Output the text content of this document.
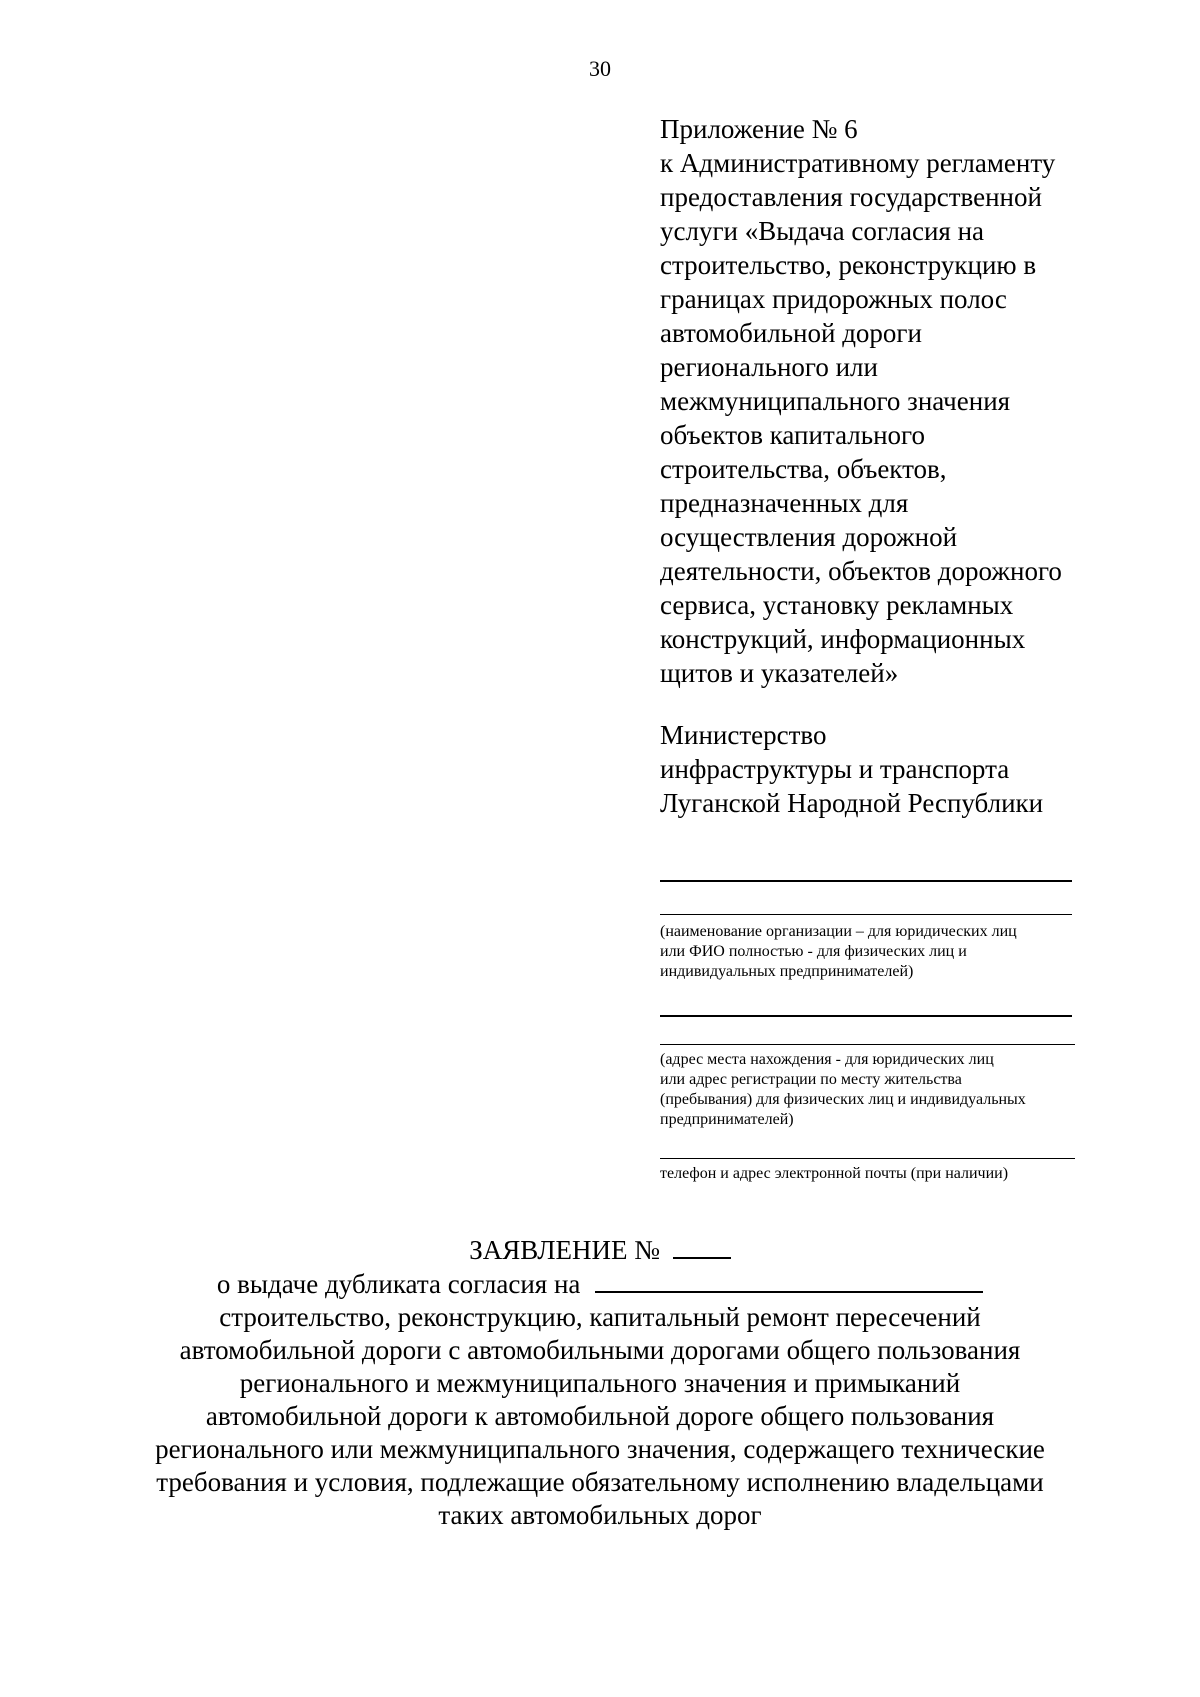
30
Приложение № 6
к Административному регламенту
предоставления государственной
услуги «Выдача согласия на
строительство, реконструкцию в
границах придорожных полос
автомобильной дороги
регионального или
межмуниципального значения
объектов капитального
строительства, объектов,
предназначенных для
осуществления дорожной
деятельности, объектов дорожного
сервиса, установку рекламных
конструкций, информационных
щитов и указателей»
Министерство
инфраструктуры и транспорта
Луганской Народной Республики
(наименование организации – для юридических лиц
или ФИО полностью - для физических лиц и
индивидуальных предпринимателей)
(адрес места нахождения - для юридических лиц
или адрес регистрации по месту жительства
(пребывания) для физических лиц и индивидуальных
предпринимателей)
телефон и адрес электронной почты (при наличии)
ЗАЯВЛЕНИЕ №
о выдаче дубликата согласия на
строительство, реконструкцию, капитальный ремонт пересечений
автомобильной дороги с автомобильными дорогами общего пользования
регионального и межмуниципального значения и примыканий
автомобильной дороги к автомобильной дороге общего пользования
регионального или межмуниципального значения, содержащего технические
требования и условия, подлежащие обязательному исполнению владельцами
таких автомобильных дорог
